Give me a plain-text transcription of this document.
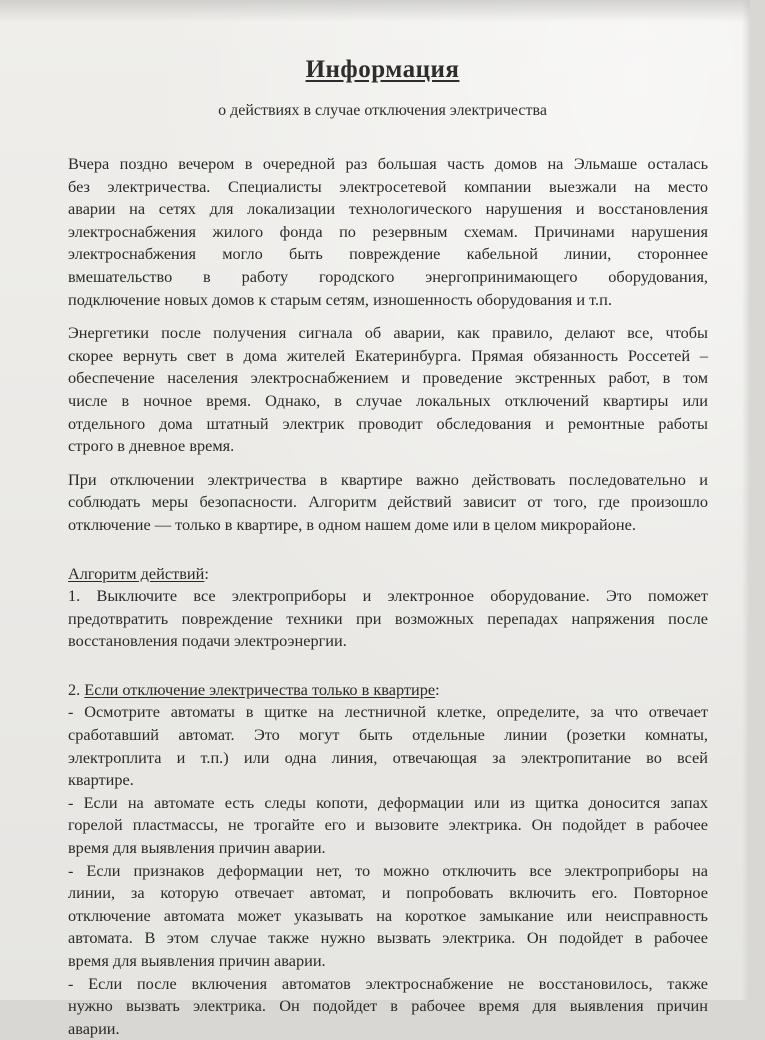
Информация

о действиях в случае отключения электричества

Вчера поздно вечером в очередной раз большая часть домов на Эльмаше осталась
без электричества. Специалисты электросетевой компании выезжали на место
аварии на сетях для локализации технологического нарушения и восстановления
электроснабжения жилого фонда по резервным схемам. Причинами нарушения
электроснабжения могло быть повреждение кабельной линии, стороннее
вмешательство в работу городского энергопринимающего оборудования,
подключение новых домов к старым сетям, изношенность оборудования и т.п.

Энергетики после получения сигнала об аварии, как правило, делают все, чтобы
скорее вернуть свет в дома жителей Екатеринбурга. Прямая обязанность Россетей –
обеспечение населения электроснабжением и проведение экстренных работ, в том
числе в ночное время. Однако, в случае локальных отключений квартиры или
отдельного дома штатный электрик проводит обследования и ремонтные работы
строго в дневное время.

При отключении электричества в квартире важно действовать последовательно и
соблюдать меры безопасности. Алгоритм действий зависит от того, где произошло
отключение — только в квартире, в одном нашем доме или в целом микрорайоне.

Алгоритм действий:
1. Выключите все электроприборы и электронное оборудование. Это поможет
предотвратить повреждение техники при возможных перепадах напряжения после
восстановления подачи электроэнергии.

2. Если отключение электричества только в квартире:
- Осмотрите автоматы в щитке на лестничной клетке, определите, за что отвечает
сработавший автомат. Это могут быть отдельные линии (розетки комнаты,
электроплита и т.п.) или одна линия, отвечающая за электропитание во всей
квартире.
- Если на автомате есть следы копоти, деформации или из щитка доносится запах
горелой пластмассы, не трогайте его и вызовите электрика. Он подойдет в рабочее
время для выявления причин аварии.
- Если признаков деформации нет, то можно отключить все электроприборы на
линии, за которую отвечает автомат, и попробовать включить его. Повторное
отключение автомата может указывать на короткое замыкание или неисправность
автомата. В этом случае также нужно вызвать электрика. Он подойдет в рабочее
время для выявления причин аварии.
- Если после включения автоматов электроснабжение не восстановилось, также
нужно вызвать электрика. Он подойдет в рабочее время для выявления причин
аварии.
